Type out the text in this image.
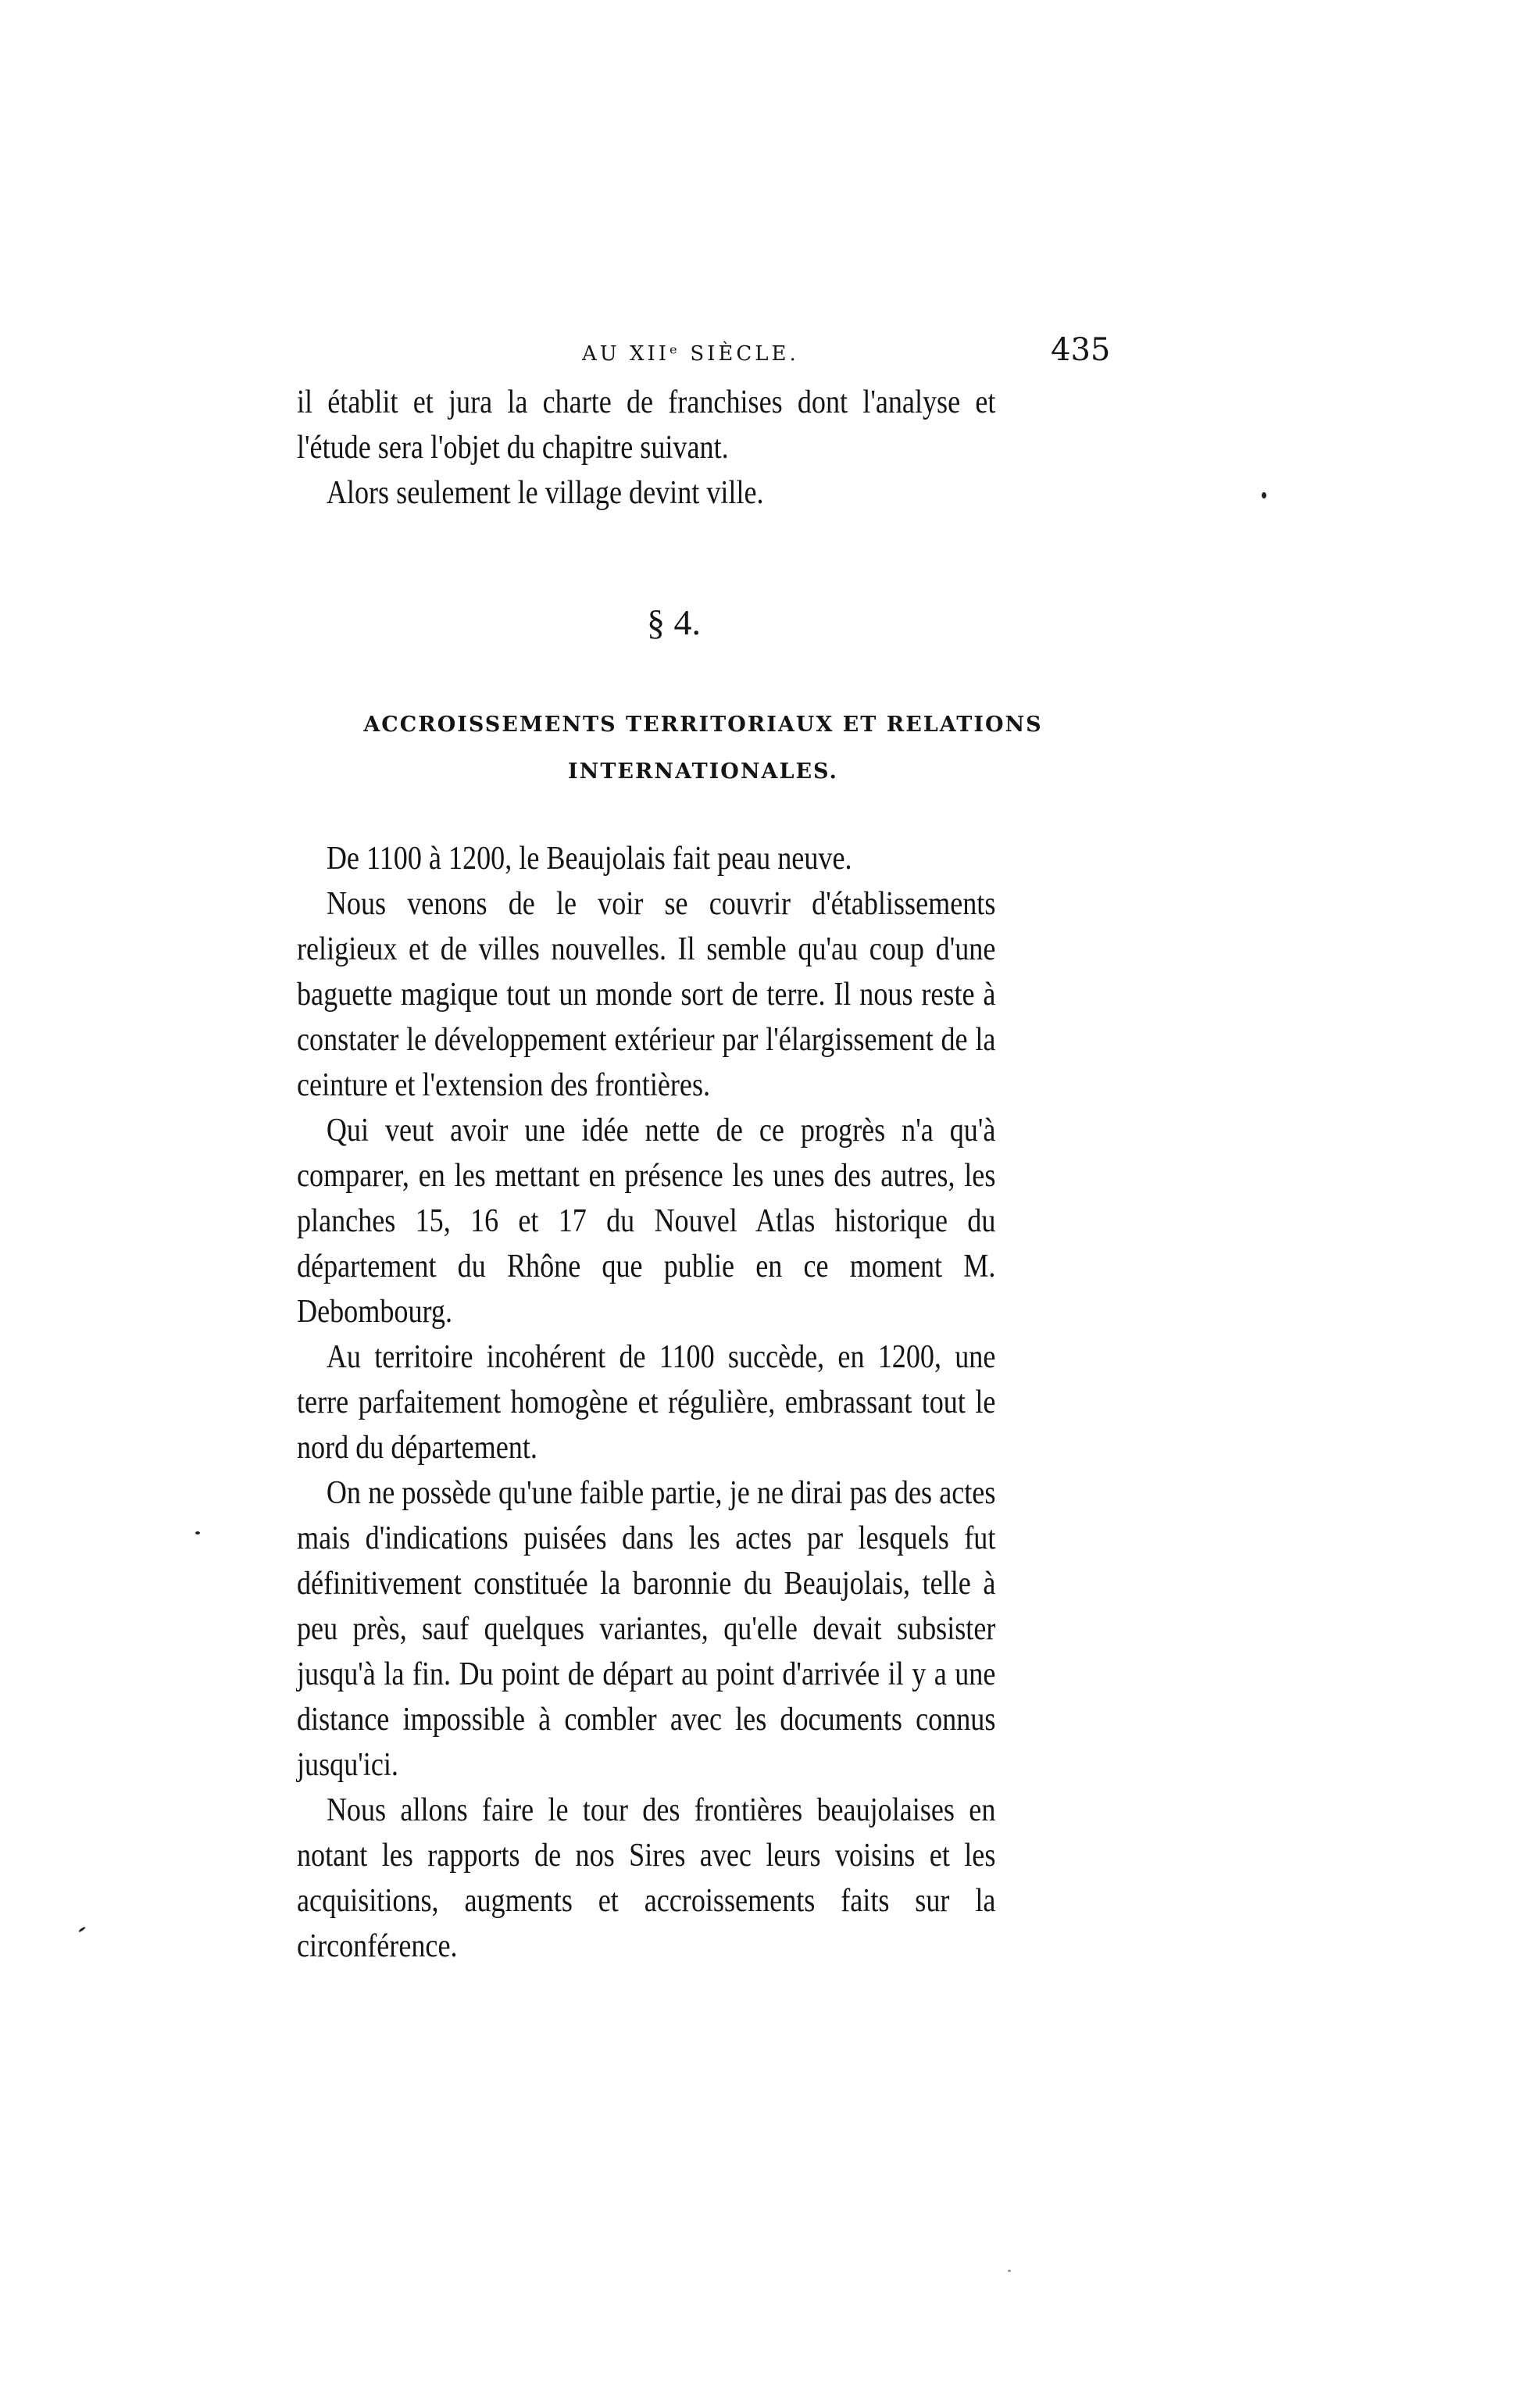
AU XIIᵉ SIÈCLE.	435

il établit et jura la charte de franchises dont l'analyse et l'étude sera l'objet du chapitre suivant.

Alors seulement le village devint ville.

§ 4.
ACCROISSEMENTS TERRITORIAUX ET RELATIONS
INTERNATIONALES.

De 1100 à 1200, le Beaujolais fait peau neuve.

Nous venons de le voir se couvrir d'établissements religieux et de villes nouvelles. Il semble qu'au coup d'une baguette magique tout un monde sort de terre. Il nous reste à constater le développement extérieur par l'élargissement de la ceinture et l'extension des frontières.

Qui veut avoir une idée nette de ce progrès n'a qu'à comparer, en les mettant en présence les unes des autres, les planches 15, 16 et 17 du Nouvel Atlas historique du département du Rhône que publie en ce moment M. Debombourg.

Au territoire incohérent de 1100 succède, en 1200, une terre parfaitement homogène et régulière, embrassant tout le nord du département.

On ne possède qu'une faible partie, je ne dirai pas des actes mais d'indications puisées dans les actes par lesquels fut définitivement constituée la baronnie du Beaujolais, telle à peu près, sauf quelques variantes, qu'elle devait subsister jusqu'à la fin. Du point de départ au point d'arrivée il y a une distance impossible à combler avec les documents connus jusqu'ici.

Nous allons faire le tour des frontières beaujolaises en notant les rapports de nos Sires avec leurs voisins et les acquisitions, augments et accroissements faits sur la circonférence.
